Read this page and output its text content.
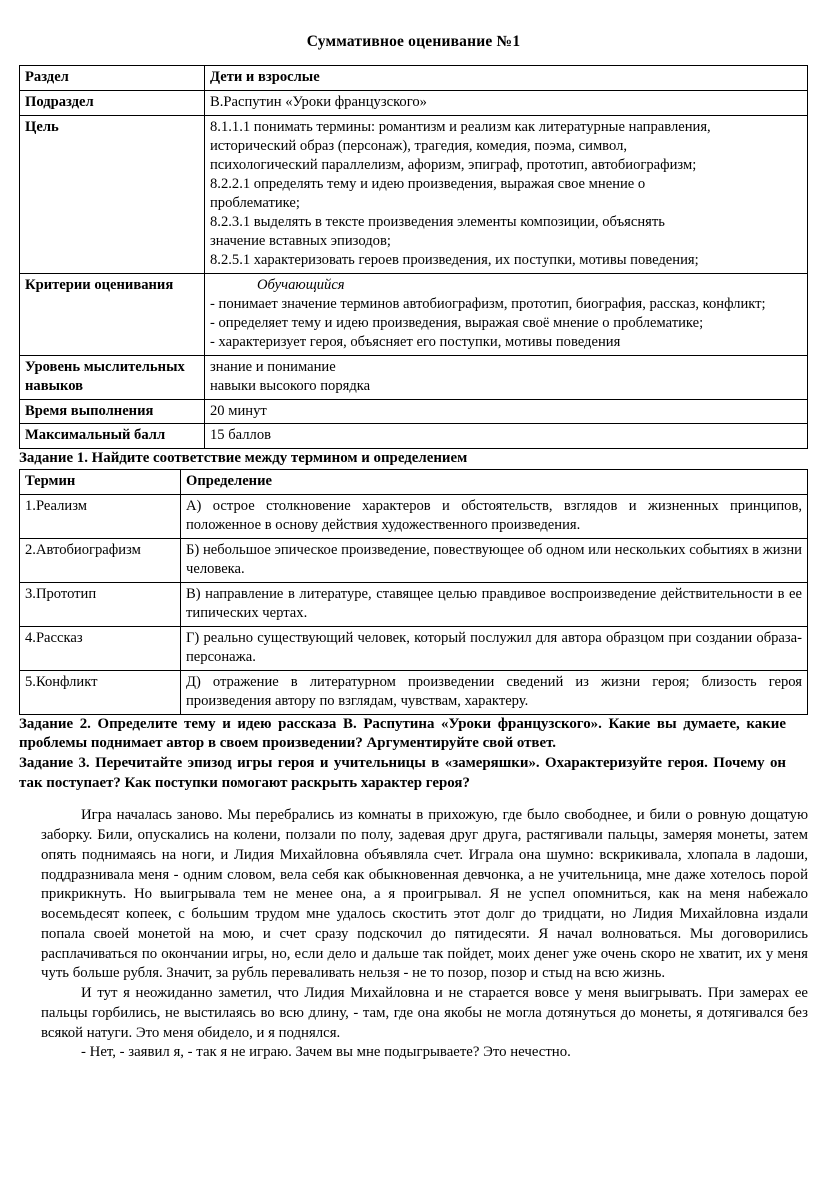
Суммативное оценивание №1
Раздел	Дети и взрослые
Подраздел	В.Распутин «Уроки французского»
Цель	8.1.1.1 понимать термины: романтизм и реализм как литературные направления,
исторический образ (персонаж), трагедия, комедия, поэма, символ,
психологический параллелизм, афоризм, эпиграф, прототип, автобиографизм;
8.2.2.1 определять тему и идею произведения, выражая свое мнение о
проблематике;
8.2.3.1 выделять в тексте произведения элементы композиции, объяснять
значение вставных эпизодов;
8.2.5.1 характеризовать героев произведения, их поступки, мотивы поведения;

Критерии оценивания	Обучающийся
- понимает значение терминов автобиографизм, прототип, биография, рассказ, конфликт;
- определяет тему и идею произведения, выражая своё мнение о проблематике;
- характеризует героя, объясняет его поступки, мотивы поведения

Уровень мыслительных навыков	знание и понимание
навыки высокого порядка

Время выполнения	20 минут
Максимальный балл	15 баллов
Задание 1. Найдите соответствие между термином и определением
Термин	Определение
1.Реализм	А) острое столкновение характеров и обстоятельств, взглядов и жизненных принципов, положенное в основу действия художественного произведения.
2.Автобиографизм	Б) небольшое эпическое произведение, повествующее об одном или нескольких событиях в жизни человека.
3.Прототип	В) направление в литературе, ставящее целью правдивое воспроизведение действительности в ее типических чертах.
4.Рассказ	Г) реально существующий человек, который послужил для автора образцом при создании образа-персонажа.
5.Конфликт	Д) отражение в литературном произведении сведений из жизни героя; близость героя произведения автору по взглядам, чувствам, характеру.
Задание 2. Определите тему и идею рассказа В. Распутина «Уроки французского». Какие вы думаете, какие проблемы поднимает автор в своем произведении? Аргументируйте свой ответ.
Задание 3. Перечитайте эпизод игры героя и учительницы в «замеряшки». Охарактеризуйте героя. Почему он так поступает? Как поступки помогают раскрыть характер героя?

Игра началась заново. Мы перебрались из комнаты в прихожую, где было свободнее, и били о ровную дощатую заборку. Били, опускались на колени, ползали по полу, задевая друг друга, растягивали пальцы, замеряя монеты, затем опять поднимаясь на ноги, и Лидия Михайловна объявляла счет. Играла она шумно: вскрикивала, хлопала в ладоши, поддразнивала меня - одним словом, вела себя как обыкновенная девчонка, а не учительница, мне даже хотелось порой прикрикнуть. Но выигрывала тем не менее она, а я проигрывал. Я не успел опомниться, как на меня набежало восемьдесят копеек, с большим трудом мне удалось скостить этот долг до тридцати, но Лидия Михайловна издали попала своей монетой на мою, и счет сразу подскочил до пятидесяти. Я начал волноваться. Мы договорились расплачиваться по окончании игры, но, если дело и дальше так пойдет, моих денег уже очень скоро не хватит, их у меня чуть больше рубля. Значит, за рубль переваливать нельзя - не то позор, позор и стыд на всю жизнь.

И тут я неожиданно заметил, что Лидия Михайловна и не старается вовсе у меня выигрывать. При замерах ее пальцы горбились, не выстилаясь во всю длину, - там, где она якобы не могла дотянуться до монеты, я дотягивался без всякой натуги. Это меня обидело, и я поднялся.

- Нет, - заявил я, - так я не играю. Зачем вы мне подыгрываете? Это нечестно.
